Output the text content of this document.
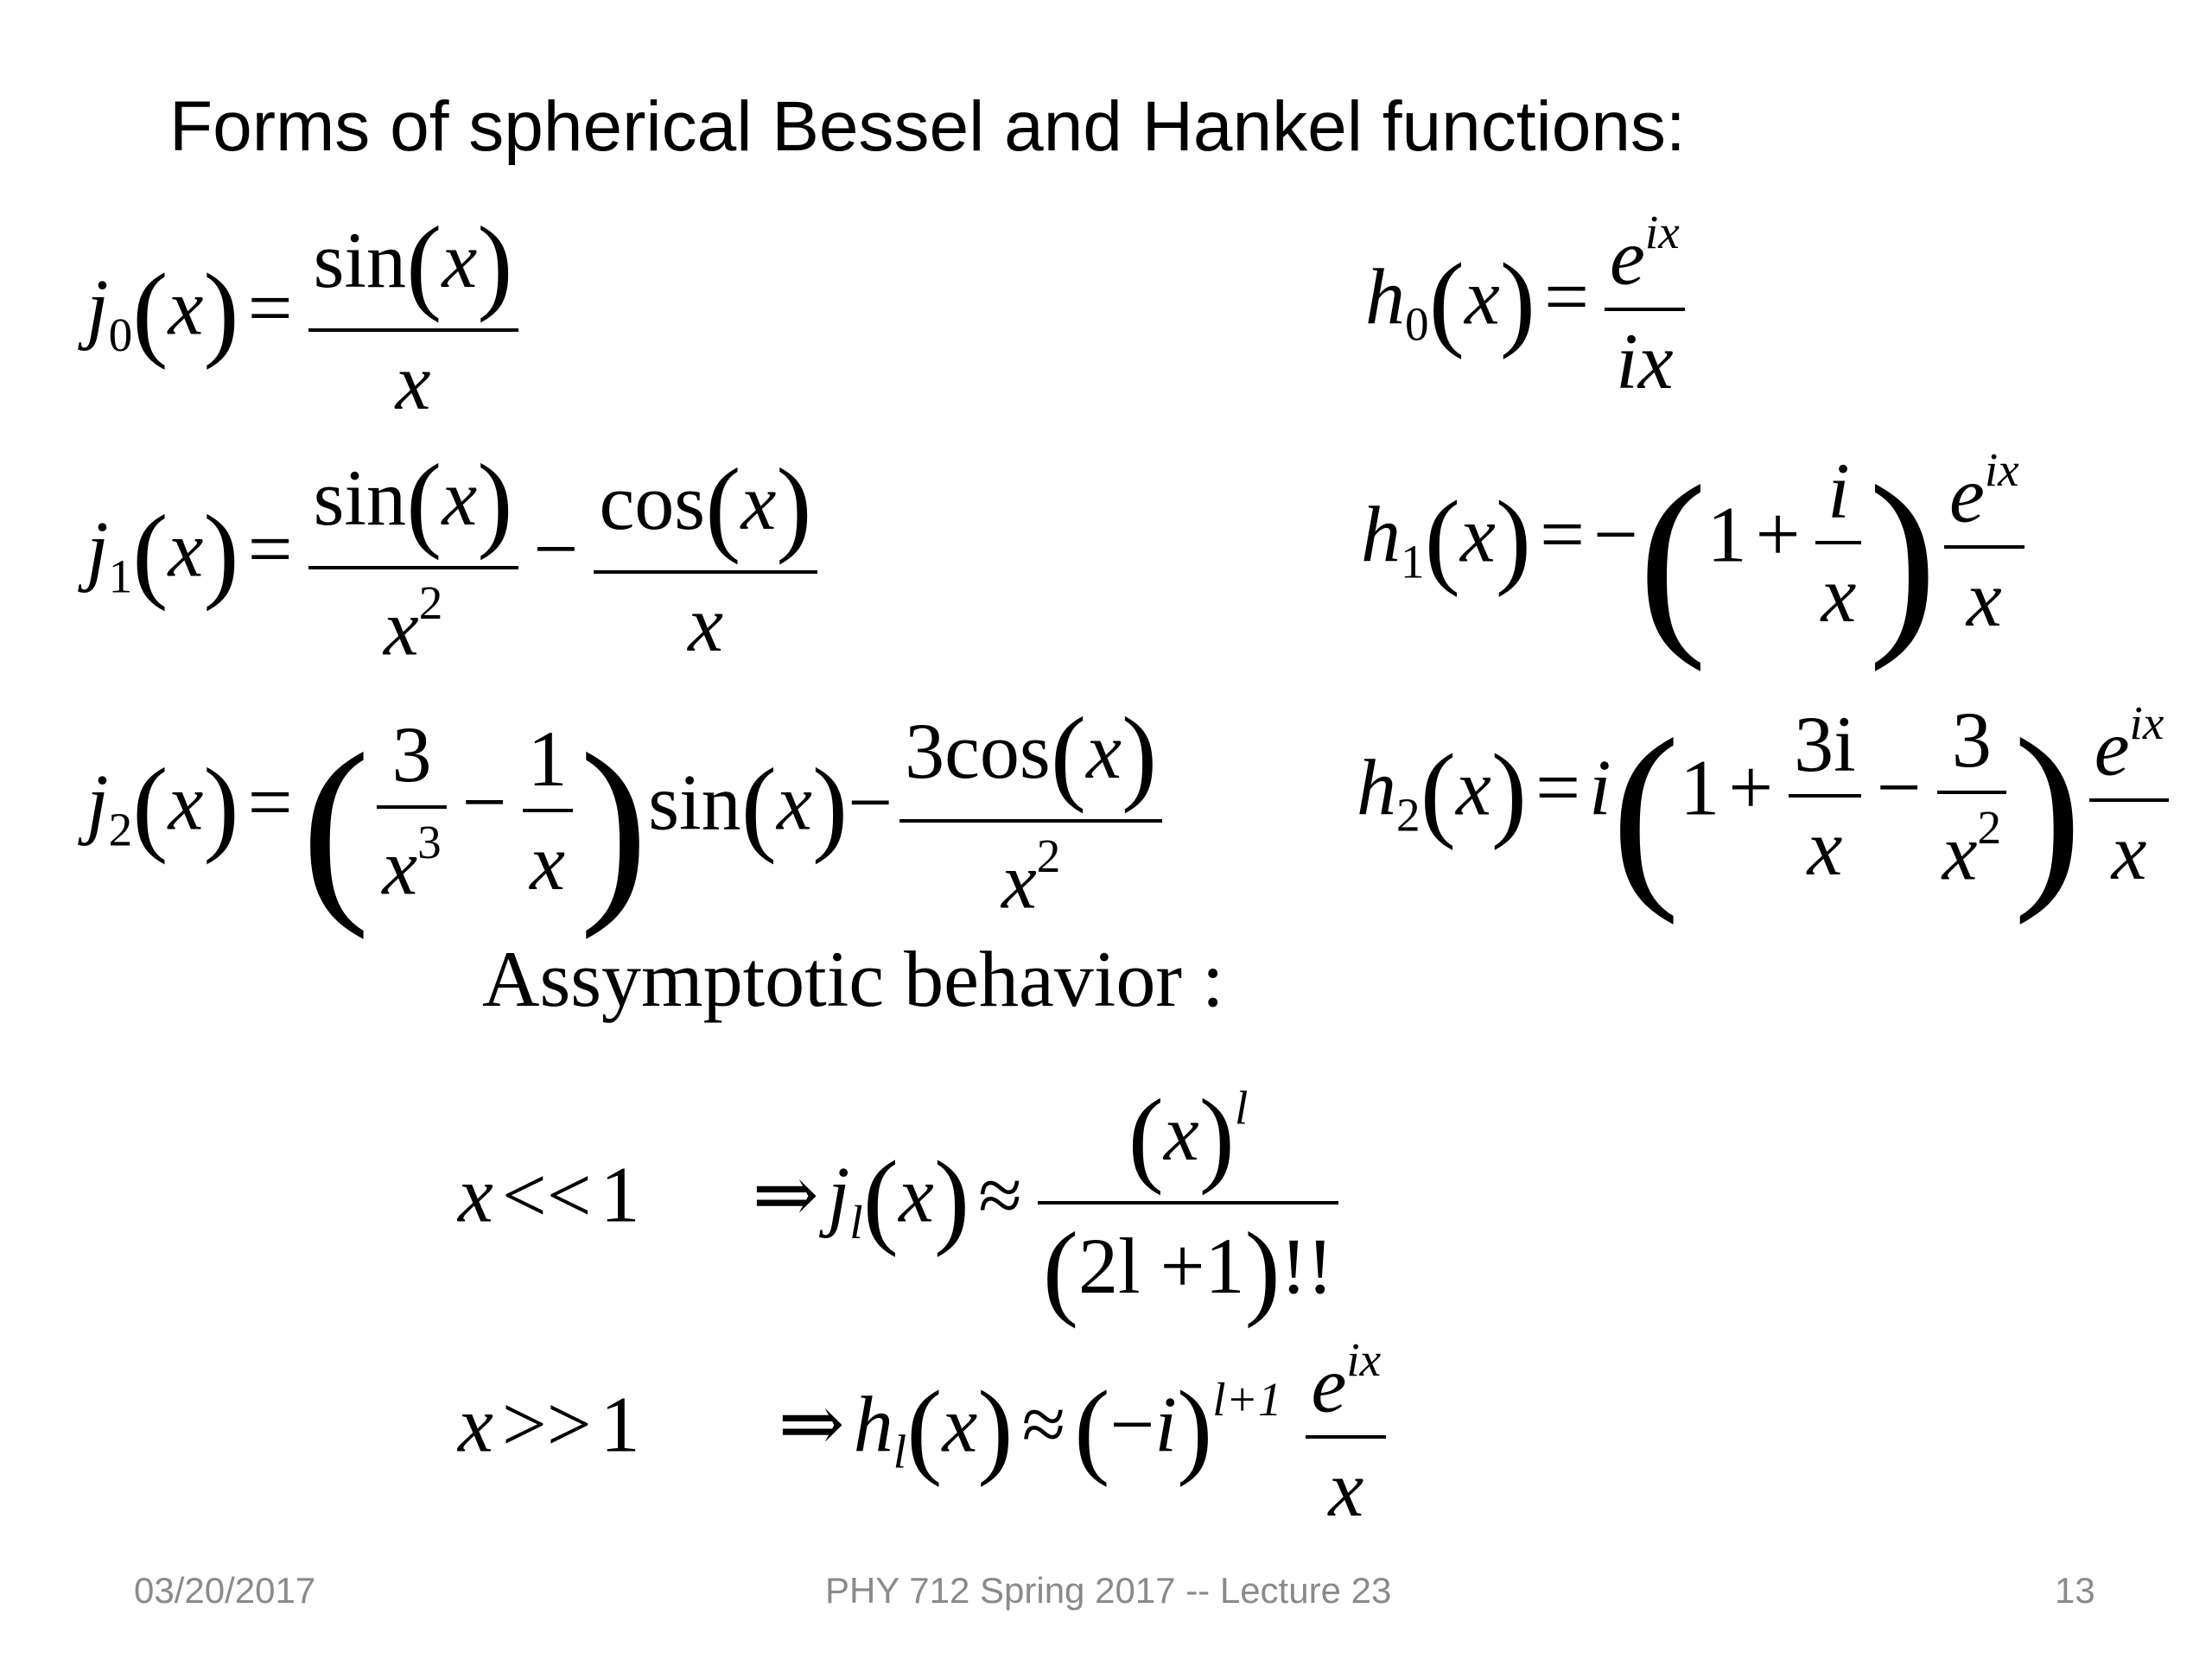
Forms of spherical Bessel and Hankel functions:
$j_0(x) = \frac{\sin(x)}{x}$	$h_0(x) = \frac{e^{ix}}{ix}$
$j_1(x) = \frac{\sin(x)}{x^2} - \frac{\cos(x)}{x}$	$h_1(x) = -(1 + \frac{i}{x}$ ) $\frac{e^{ix}}{x}$
$j_2(x)$ =( $\frac{3}{x^3} - \frac{1}{x} )\sin(x)- \frac{3\cos(x)}{x^2} h_2(x) = i(1 + \frac{3i}{x} - \frac{3}{x^2}$ ) $\frac{e^{ix}}{x}$
Assymptotic behavior :
x << 1 ⇒ $j_l(x) \approx \frac{(x)^l}{(2l +1)!!}$
x >> 1 ⇒ $h_l(x) \approx(-i)^{l+1} \frac{e^{ix}}{x}$
03/20/2017	PHY 712 Spring 2017 -- Lecture 23	13
